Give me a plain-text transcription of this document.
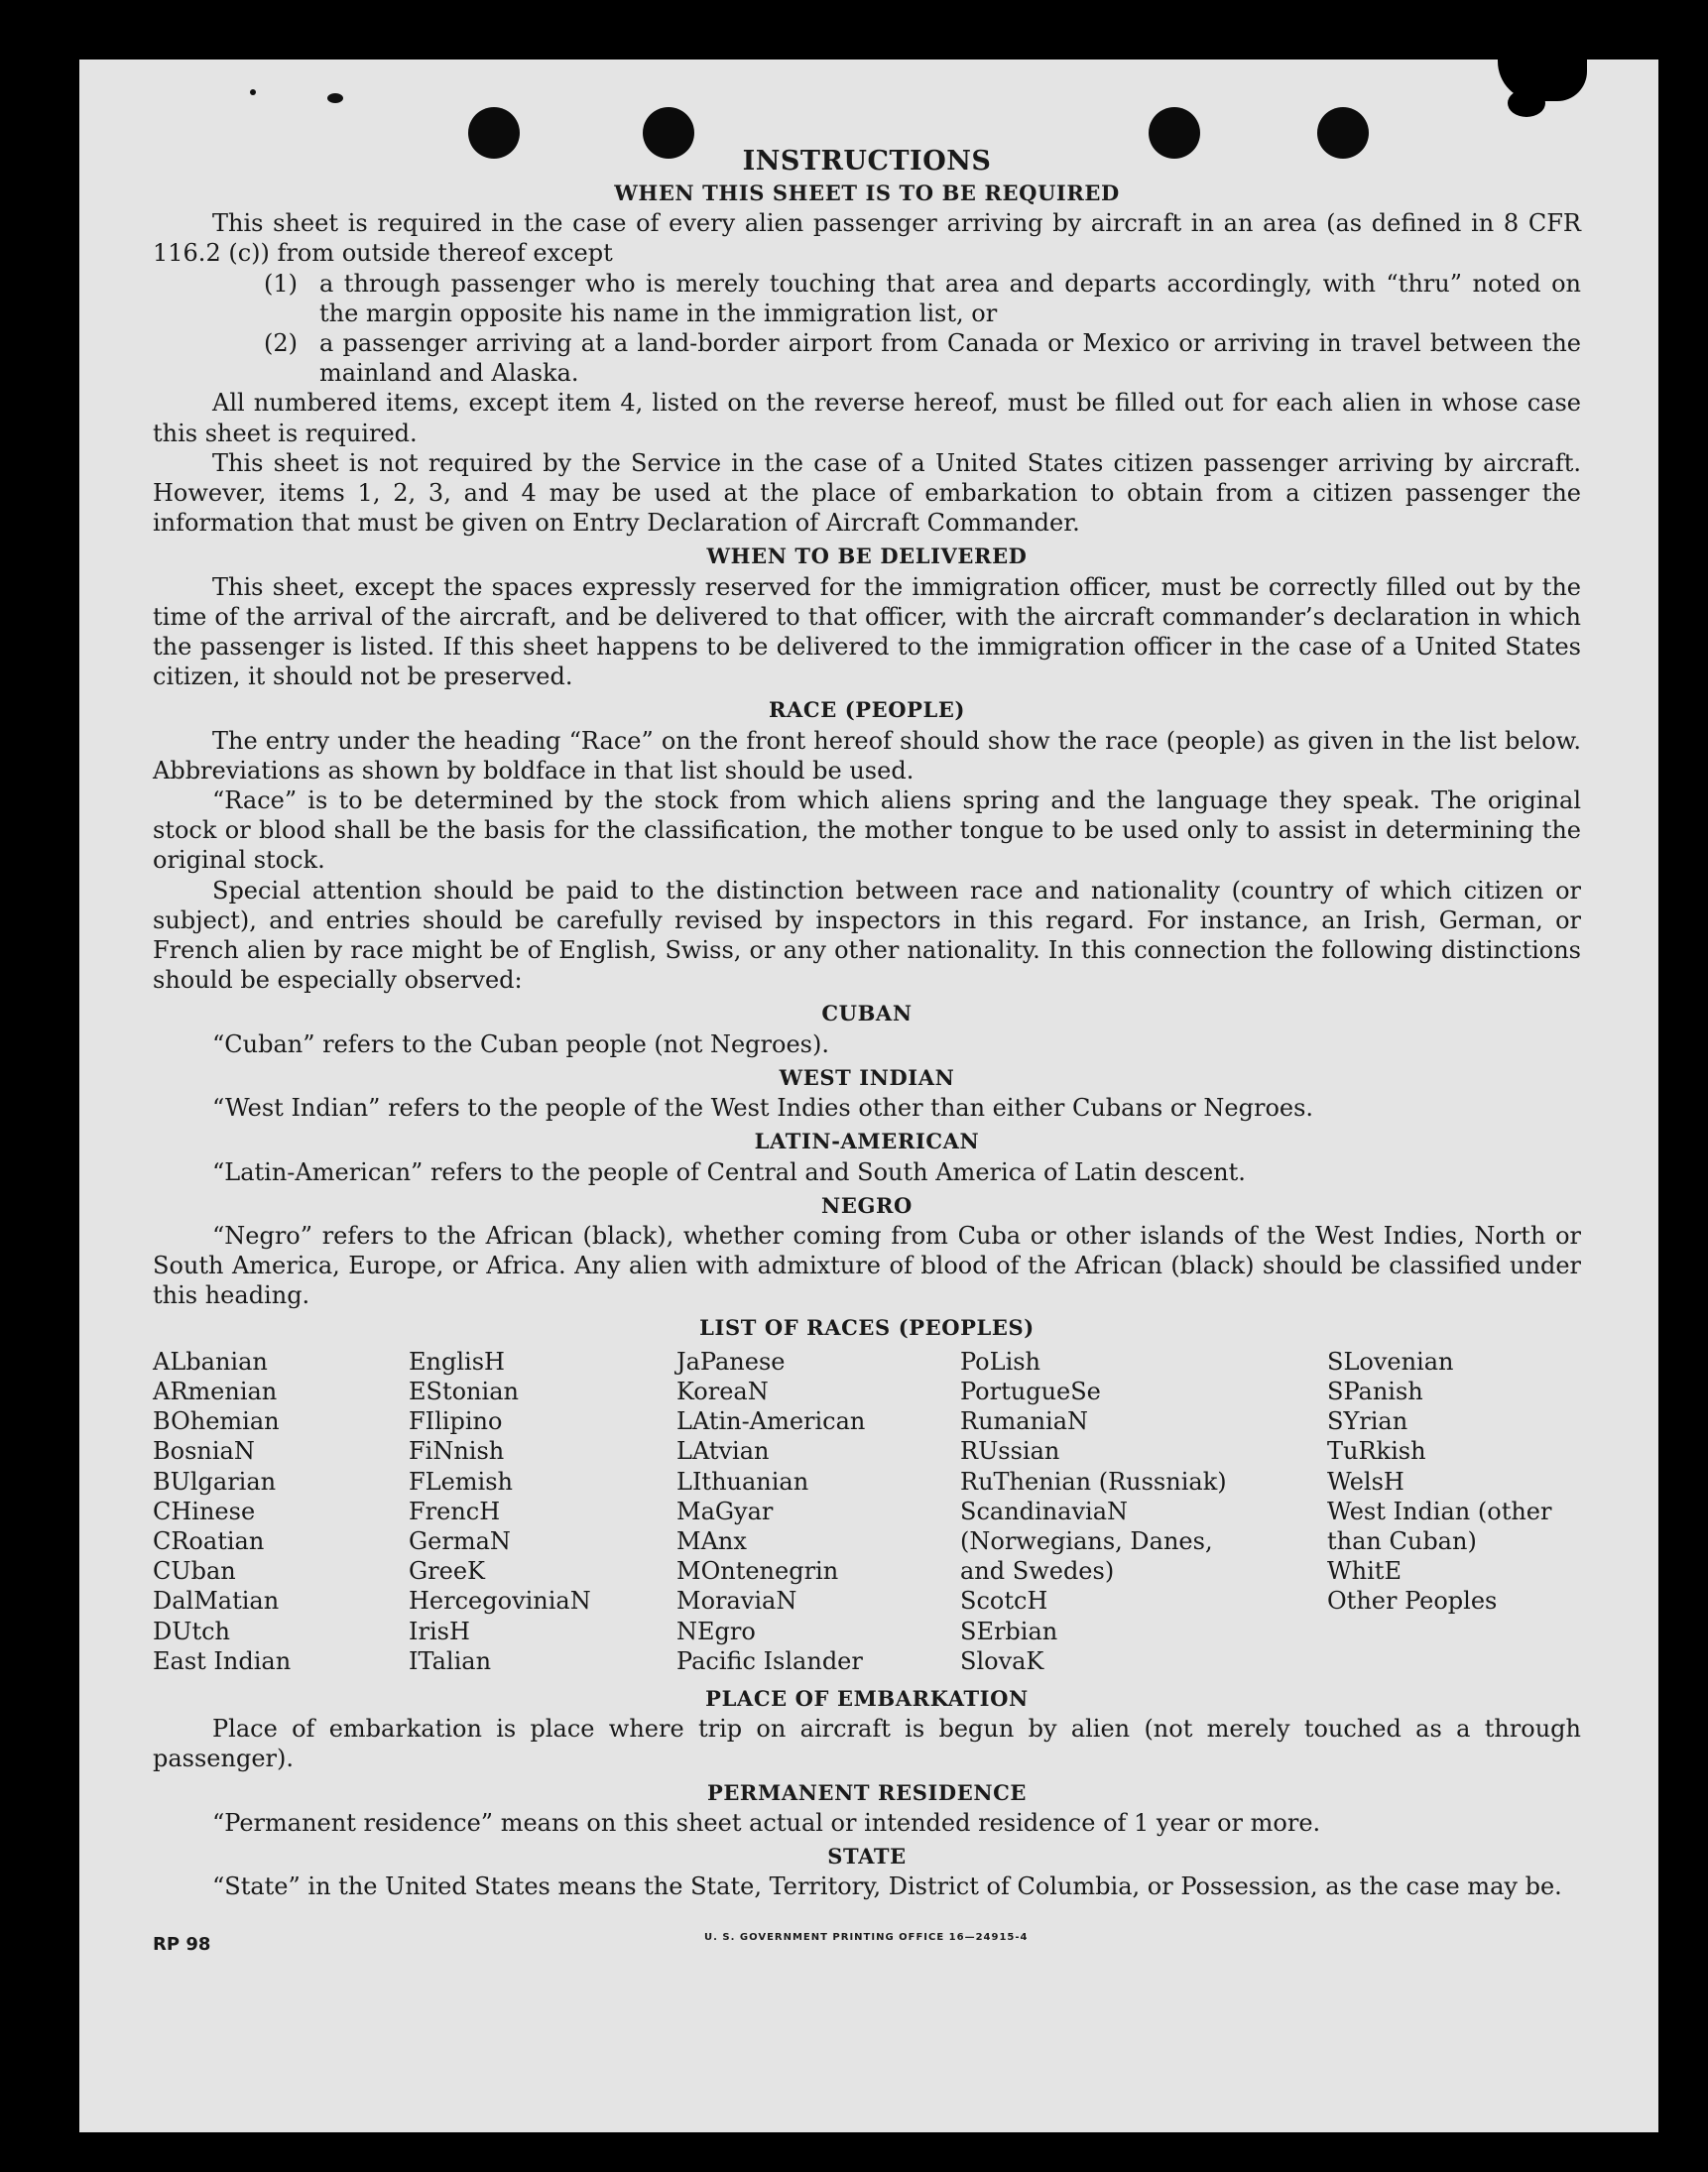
INSTRUCTIONS
WHEN THIS SHEET IS TO BE REQUIRED

This sheet is required in the case of every alien passenger arriving by aircraft in an area (as defined in 8 CFR 116.2 (c)) from outside thereof except

(1) a through passenger who is merely touching that area and departs accordingly, with “thru” noted on the margin opposite his name in the immigration list, or
(2) a passenger arriving at a land-border airport from Canada or Mexico or arriving in travel between the mainland and Alaska.

All numbered items, except item 4, listed on the reverse hereof, must be filled out for each alien in whose case this sheet is required.

This sheet is not required by the Service in the case of a United States citizen passenger arriving by aircraft. However, items 1, 2, 3, and 4 may be used at the place of embarkation to obtain from a citizen passenger the information that must be given on Entry Declaration of Aircraft Commander.

WHEN TO BE DELIVERED

This sheet, except the spaces expressly reserved for the immigration officer, must be correctly filled out by the time of the arrival of the aircraft, and be delivered to that officer, with the aircraft commander’s declaration in which the passenger is listed. If this sheet happens to be delivered to the immigration officer in the case of a United States citizen, it should not be preserved.

RACE (PEOPLE)

The entry under the heading “Race” on the front hereof should show the race (people) as given in the list below. Abbreviations as shown by boldface in that list should be used.

“Race” is to be determined by the stock from which aliens spring and the language they speak. The original stock or blood shall be the basis for the classification, the mother tongue to be used only to assist in determining the original stock.

Special attention should be paid to the distinction between race and nationality (country of which citizen or subject), and entries should be carefully revised by inspectors in this regard. For instance, an Irish, German, or French alien by race might be of English, Swiss, or any other nationality. In this connection the following distinctions should be especially observed:

CUBAN

“Cuban” refers to the Cuban people (not Negroes).

WEST INDIAN

“West Indian” refers to the people of the West Indies other than either Cubans or Negroes.

LATIN-AMERICAN

“Latin-American” refers to the people of Central and South America of Latin descent.

NEGRO

“Negro” refers to the African (black), whether coming from Cuba or other islands of the West Indies, North or South America, Europe, or Africa. Any alien with admixture of blood of the African (black) should be classified under this heading.

LIST OF RACES (PEOPLES)
ALbanian
ARmenian
BOhemian
BosniaN
BUlgarian
CHinese
CRoatian
CUban
DalMatian
DUtch
East Indian
EnglisH
EStonian
FIlipino
FiNnish
FLemish
FrencH
GermaN
GreeK
HercegoviniaN
IrisH
ITalian
JaPanese
KoreaN
LAtin-American
LAtvian
LIthuanian
MaGyar
MAnx
MOntenegrin
MoraviaN
NEgro
Pacific Islander
PoLish
PortugueSe
RumaniaN
RUssian
RuThenian (Russniak)
ScandinaviaN (Norwegians, Danes, and Swedes)
ScotcH
SErbian
SlovaK
SLovenian
SPanish
SYrian
TuRkish
WelsH
West Indian (other than Cuban)
WhitE
Other Peoples
PLACE OF EMBARKATION

Place of embarkation is place where trip on aircraft is begun by alien (not merely touched as a through passenger).

PERMANENT RESIDENCE

“Permanent residence” means on this sheet actual or intended residence of 1 year or more.

STATE

“State” in the United States means the State, Territory, District of Columbia, or Possession, as the case may be.

U. S. GOVERNMENT PRINTING OFFICE 16—24915-4
RP 98
